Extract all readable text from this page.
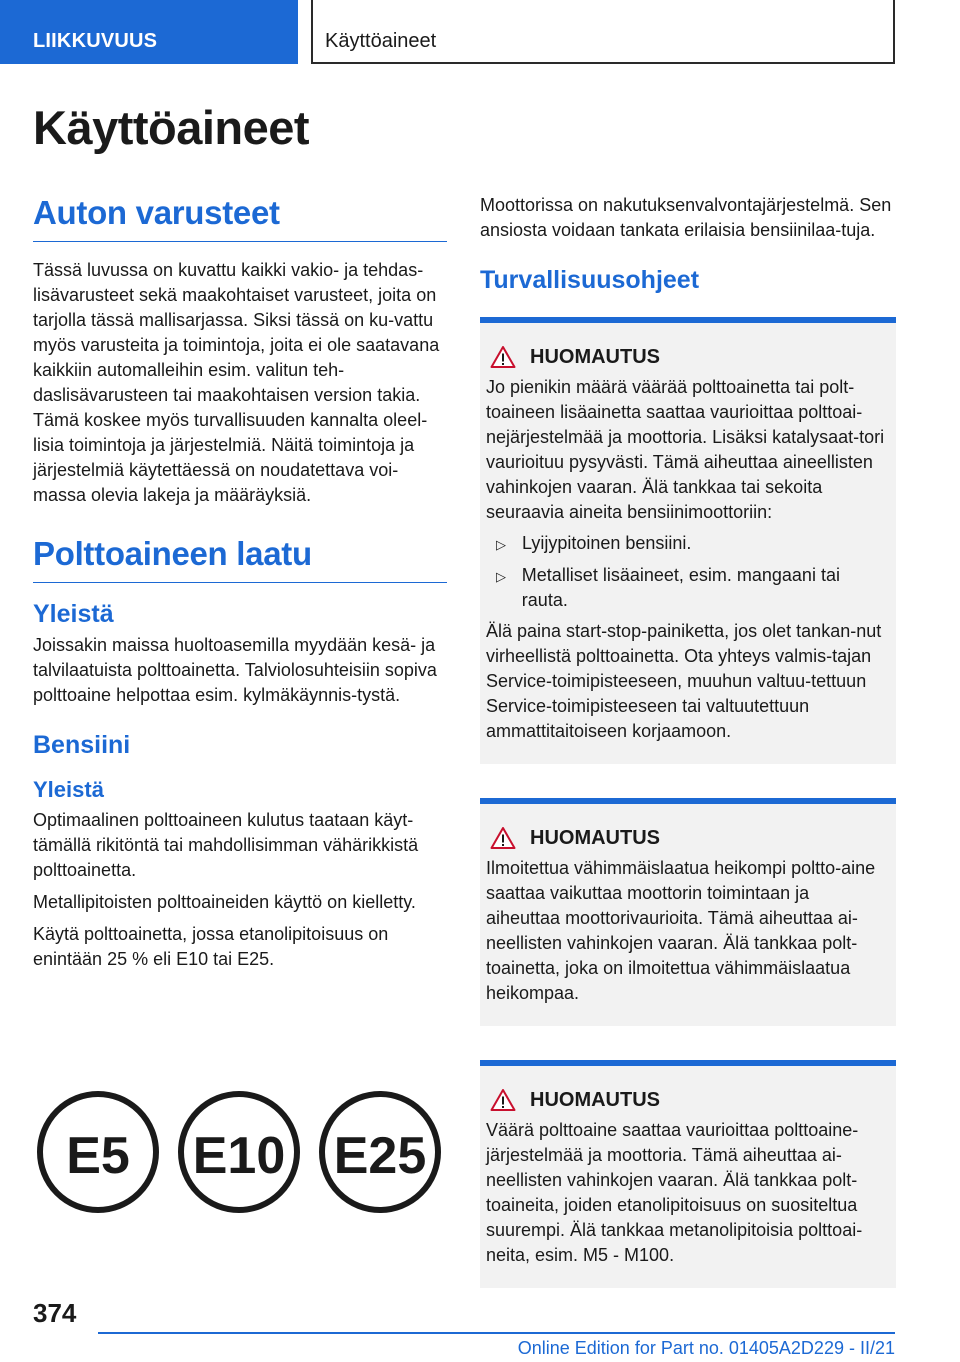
LIIKKUVUUS	Käyttöaineet
Käyttöaineet
Auton varusteet

Tässä luvussa on kuvattu kaikki vakio- ja tehdas-lisävarusteet sekä maakohtaiset varusteet, joita on tarjolla tässä mallisarjassa. Siksi tässä on ku-vattu myös varusteita ja toimintoja, joita ei ole saatavana kaikkiin automalleihin esim. valitun teh-daslisävarusteen tai maakohtaisen version takia. Tämä koskee myös turvallisuuden kannalta oleel-lisia toimintoja ja järjestelmiä. Näitä toimintoja ja järjestelmiä käytettäessä on noudatettava voi-massa olevia lakeja ja määräyksiä.

Polttoaineen laatu
Yleistä

Joissakin maissa huoltoasemilla myydään kesä- ja talvilaatuista polttoainetta. Talviolosuhteisiin sopiva polttoaine helpottaa esim. kylmäkäynnis-tystä.

Bensiini
Yleistä

Optimaalinen polttoaineen kulutus taataan käyt-tämällä rikitöntä tai mahdollisimman vähärikkistä polttoainetta.

Metallipitoisten polttoaineiden käyttö on kielletty.

Käytä polttoainetta, jossa etanolipitoisuus on enintään 25 % eli E10 tai E25.

E5 E10 E25

Moottorissa on nakutuksenvalvontajärjestelmä. Sen ansiosta voidaan tankata erilaisia bensiinilaa-tuja.

Turvallisuusohjeet
HUOMAUTUS

Jo pienikin määrä väärää polttoainetta tai polt-toaineen lisäainetta saattaa vaurioittaa polttoai-nejärjestelmää ja moottoria. Lisäksi katalysaat-tori vaurioituu pysyvästi. Tämä aiheuttaa aineellisten vahinkojen vaaran. Älä tankkaa tai sekoita seuraavia aineita bensiinimoottoriin:

▷ Lyijypitoinen bensiini.
▷ Metalliset lisäaineet, esim. mangaani tai rauta.

Älä paina start-stop-painiketta, jos olet tankan-nut virheellistä polttoainetta. Ota yhteys valmis-tajan Service-toimipisteeseen, muuhun valtuu-tettuun Service-toimipisteeseen tai valtuutettuun ammattitaitoiseen korjaamoon.

HUOMAUTUS

Ilmoitettua vähimmäislaatua heikompi poltto-aine saattaa vaikuttaa moottorin toimintaan ja aiheuttaa moottorivaurioita. Tämä aiheuttaa ai-neellisten vahinkojen vaaran. Älä tankkaa polt-toainetta, joka on ilmoitettua vähimmäislaatua heikompaa.

HUOMAUTUS

Väärä polttoaine saattaa vaurioittaa polttoaine-järjestelmää ja moottoria. Tämä aiheuttaa ai-neellisten vahinkojen vaaran. Älä tankkaa polt-toaineita, joiden etanolipitoisuus on suositeltua suurempi. Älä tankkaa metanolipitoisia polttoai-neita, esim. M5 - M100.

374
Online Edition for Part no. 01405A2D229 - II/21
